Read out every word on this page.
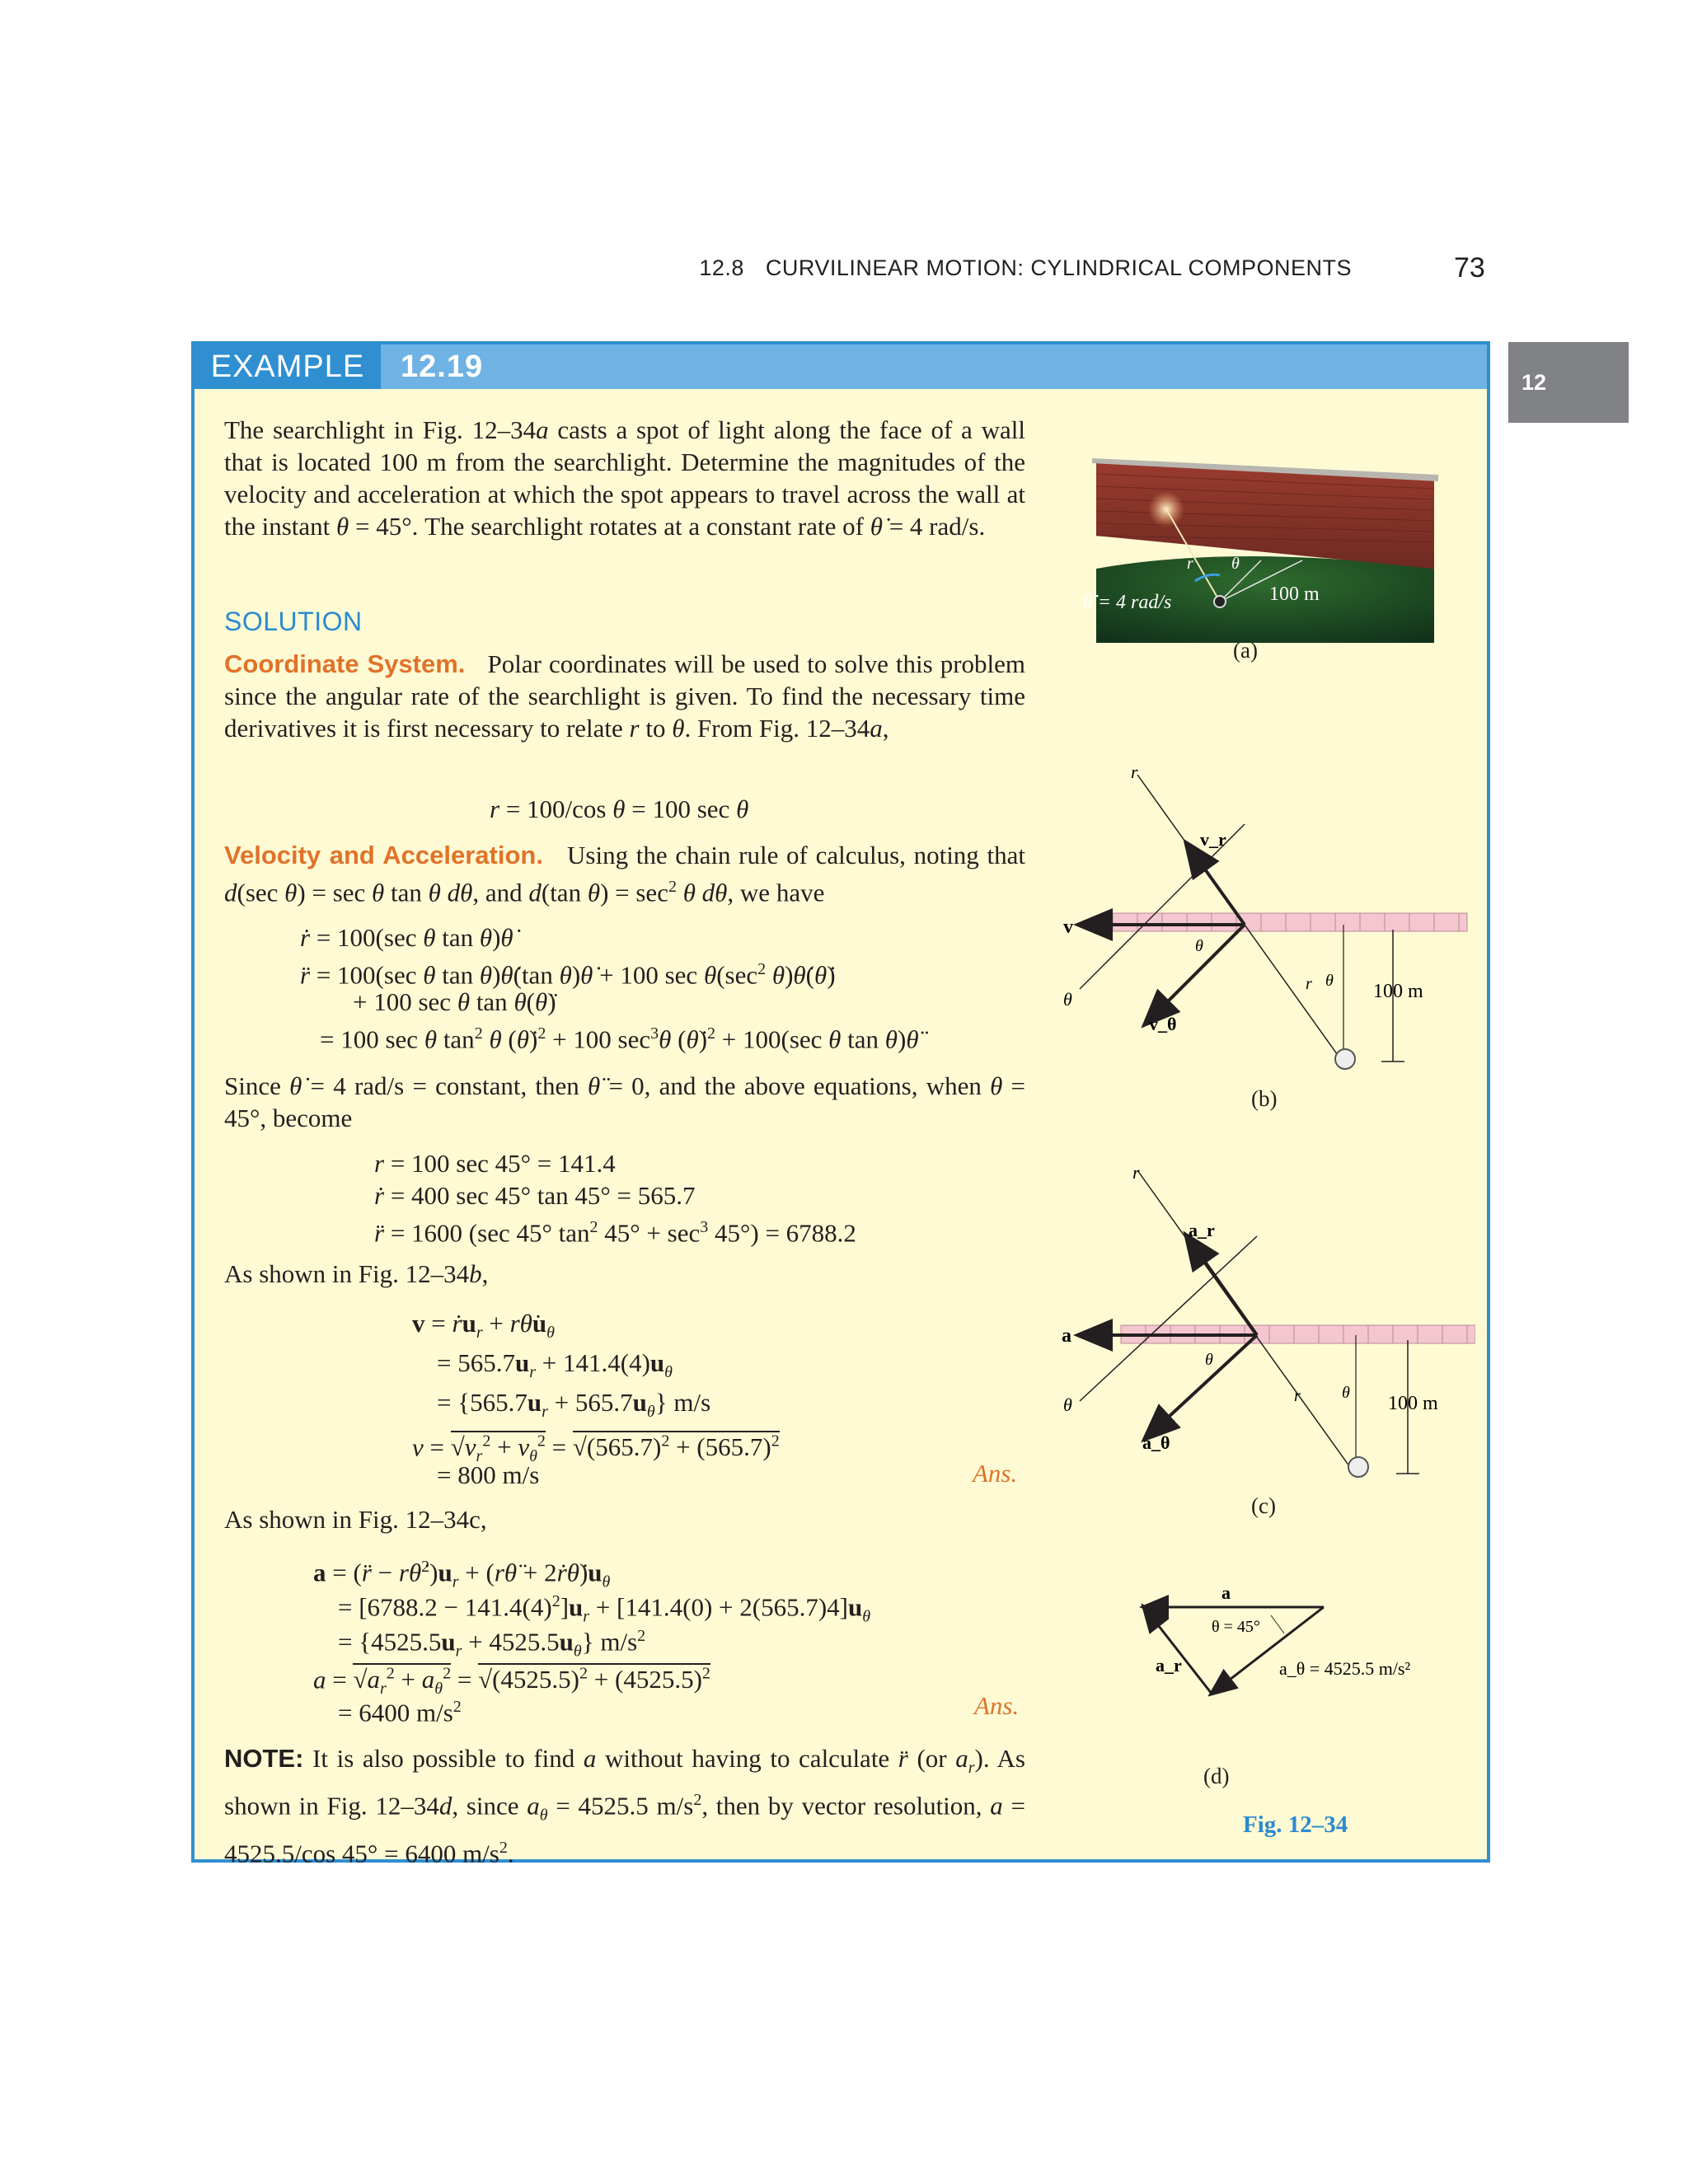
12.8 CURVILINEAR MOTION: CYLINDRICAL COMPONENTS	73
12
EXAMPLE	12.19
The searchlight in Fig. 12–34a casts a spot of light along the face of a wall that is located 100 m from the searchlight. Determine the magnitudes of the velocity and acceleration at which the spot appears to travel across the wall at the instant θ = 45°. The searchlight rotates at a constant rate of θ̇ = 4 rad/s.
SOLUTION
Coordinate System.   Polar coordinates will be used to solve this problem since the angular rate of the searchlight is given. To find the necessary time derivatives it is first necessary to relate r to θ. From Fig. 12–34a,
r = 100/cos θ = 100 sec θ
Velocity and Acceleration.   Using the chain rule of calculus, noting that d(sec θ) = sec θ tan θ dθ, and d(tan $\theta) = \sec^2 \theta$ dθ, we have
ṙ = 100(sec θ tan θ)θ̇
r̈ = 100(sec θ tan θ)θ̇(tan θ)θ̇ + 100 $\sec \theta(\sec^2$ θ)θ̇(θ̇)
+ 100 sec θ tan θ(θ̈)
= 100 sec θ $\tan^2 \theta$ (θ̇)$^2$ + 100 $\sec^3\theta$ (θ̇)$^2$ + 100(sec θ tan θ)θ̈
Since θ̇ = 4 rad/s = constant, then θ̈ = 0, and the above equations, when θ = 45°, become
r = 100 sec 45° = 141.4
ṙ = 400 sec 45° tan 45° = 565.7
r̈ = 1600 (sec 45° $\tan^2 45^\circ + \sec^3 45^\circ) = 6788.2$
As shown in Fig. 12–34b,
v = ṙu$_r$ + $r\thetȧu_\theta$
= $565.7u_r + 141.4(4)u_\theta$
= $\{565.7u_r + 565.7u_\theta\}$ m/s
$v = √v_r^2 + v_\theta^2 = √(565.7)^2 + (565.7)^2$
= 800 m/s	Ans.
As shown in Fig. 12–34c,
a = (r̈ − $r\thetȧ^2)u_r$ + (rθ̈ + $2ṙ\thetȧ)u_\theta$
= $[6788.2 - 141.4(4)^2]u_r + [141.4(0) + 2(565.7)4]u_\theta$
= $\{4525.5u_r + 4525.5u_\theta\}$ $m/s^2$
$a = √a_r^2 + a_\theta^2 = √(4525.5)^2 + (4525.5)^2$
= 6400 $m/s^2$	Ans.
NOTE: It is also possible to find a without having to calculate r̈ (or $a_r$). As shown in Fig. 12–34d, since $a_\theta = 4525.5$ $m/s^2$, then by vector resolution, a = 4525.5/cos 45° = 6400 $m/s^2$.
θ̇ = 4 rad/s	100 m
r θ
(a)
v
v_r
v_θ
r
θ
θ
r θ 100 m
(b)
a
a_r
a_θ
r
θ
θ
r	θ 100 m
(c)
a
θ = 45°
a_r	a_θ = 4525.5 m/s²
(d)
Fig. 12–34
